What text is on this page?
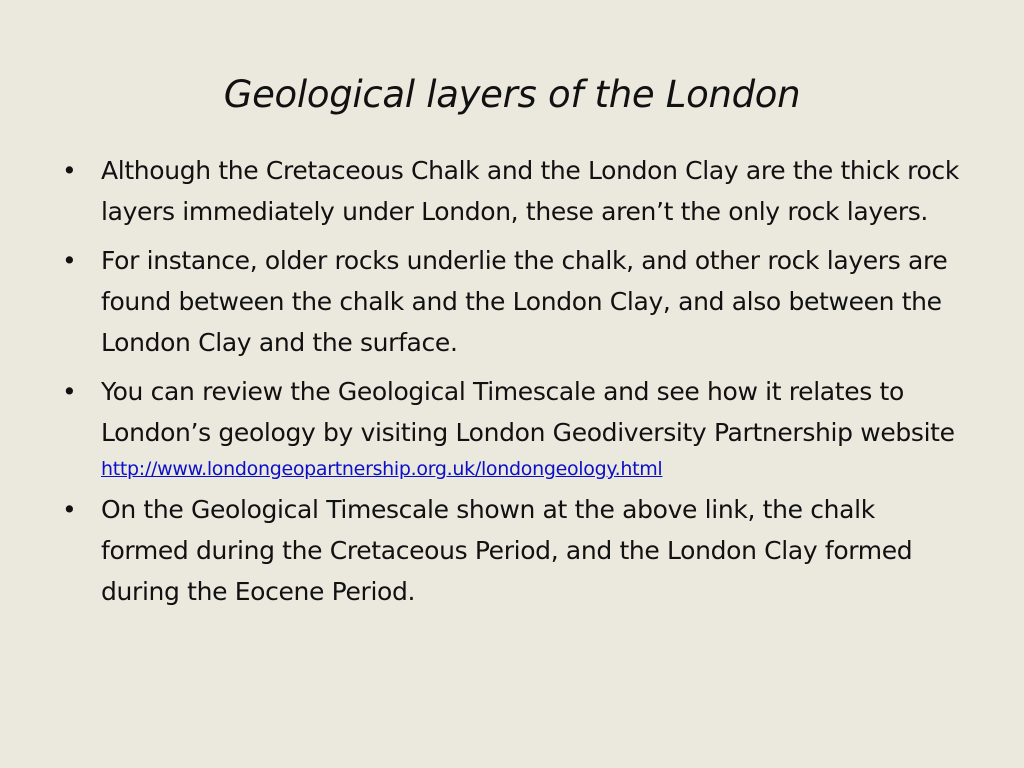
Geological layers of the London
• Although the Cretaceous Chalk and the London Clay are the thick rock layers immediately under London, these aren’t the only rock layers.
• For instance, older rocks underlie the chalk, and other rock layers are found between the chalk and the London Clay, and also between the London Clay and the surface.
• You can review the Geological Timescale and see how it relates to London’s geology by visiting London Geodiversity Partnership website
http://www.londongeopartnership.org.uk/londongeology.html
• On the Geological Timescale shown at the above link, the chalk formed during the Cretaceous Period, and the London Clay formed during the Eocene Period.
